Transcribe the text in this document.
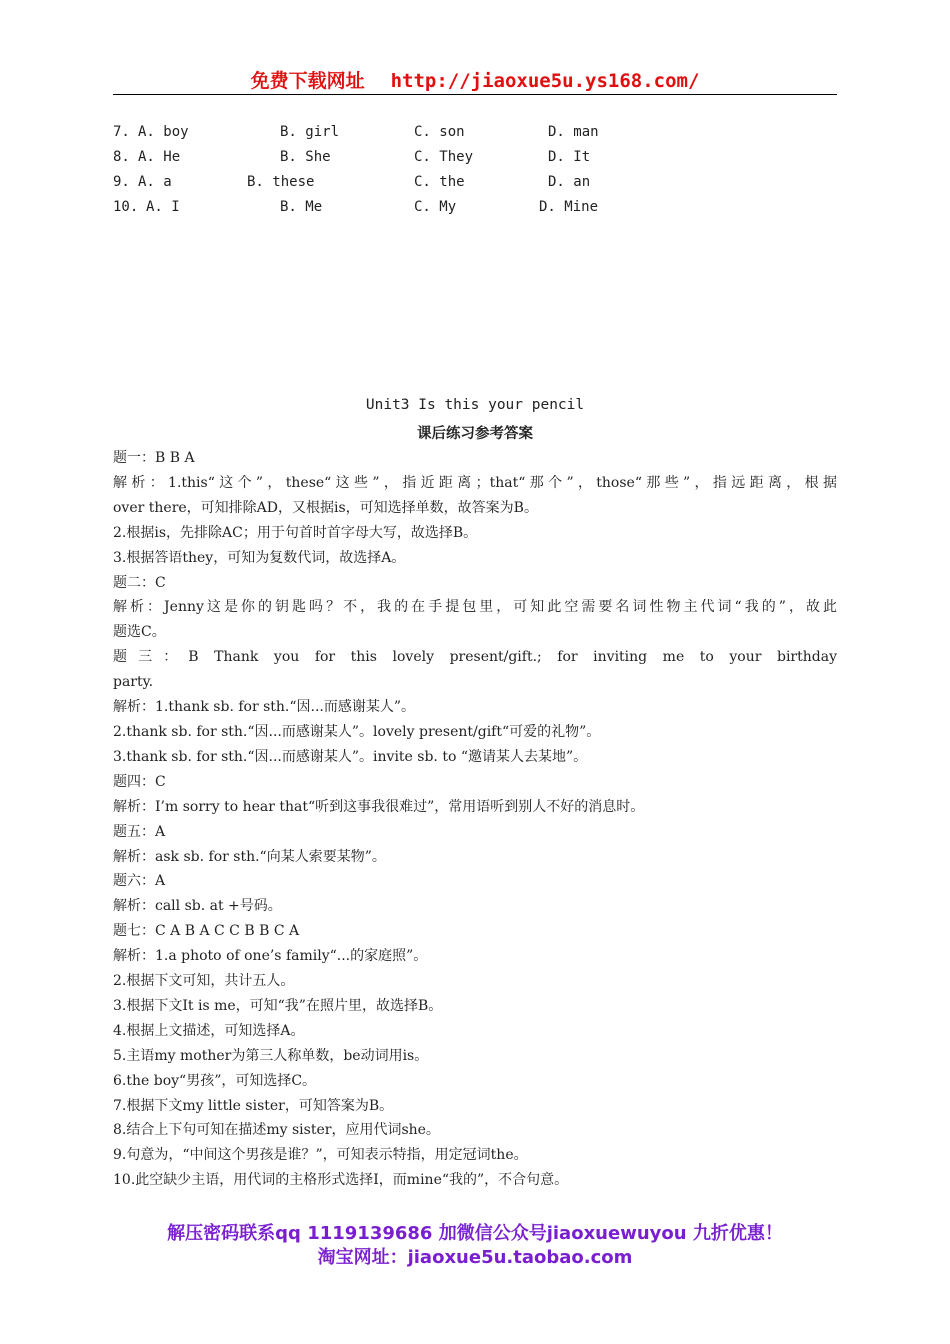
免费下载网址 http://jiaoxue5u.ys168.com/
7. A. boy	B. girl	C. son	D. man
8. A. He	B. She	C. They	D. It
9. A. a	B. these	C. the	D. an
10. A. I	B. Me	C. My	D. Mine
Unit3 Is this your pencil
课后练习参考答案

题一：B B A

解析：1.this“这个”，these“这些”，指近距离；that“那个”，those“那些”，指远距离，根据

over there，可知排除AD，又根据is，可知选择单数，故答案为B。

2.根据is，先排除AC；用于句首时首字母大写，故选择B。

3.根据答语they，可知为复数代词，故选择A。

题二：C

解析：Jenny这是你的钥匙吗？不，我的在手提包里，可知此空需要名词性物主代词“我的”，故此

题选C。

题三：B Thank you for this lovely present/gift.; for inviting me to your birthday

party.

解析：1.thank sb. for sth.“因...而感谢某人”。

2.thank sb. for sth.“因...而感谢某人”。lovely present/gift“可爱的礼物”。

3.thank sb. for sth.“因...而感谢某人”。invite sb. to “邀请某人去某地”。

题四：C

解析：I’m sorry to hear that“听到这事我很难过”，常用语听到别人不好的消息时。

题五：A

解析：ask sb. for sth.“向某人索要某物”。

题六：A

解析：call sb. at +号码。

题七：C A B A C C B B C A

解析：1.a photo of one’s family“...的家庭照”。

2.根据下文可知，共计五人。

3.根据下文It is me，可知“我”在照片里，故选择B。

4.根据上文描述，可知选择A。

5.主语my mother为第三人称单数，be动词用is。

6.the boy“男孩”，可知选择C。

7.根据下文my little sister，可知答案为B。

8.结合上下句可知在描述my sister，应用代词she。

9.句意为，“中间这个男孩是谁？”，可知表示特指，用定冠词the。

10.此空缺少主语，用代词的主格形式选择I，而mine“我的”，不合句意。

解压密码联系qq 1119139686 加微信公众号jiaoxuewuyou 九折优惠！
淘宝网址：jiaoxue5u.taobao.com
